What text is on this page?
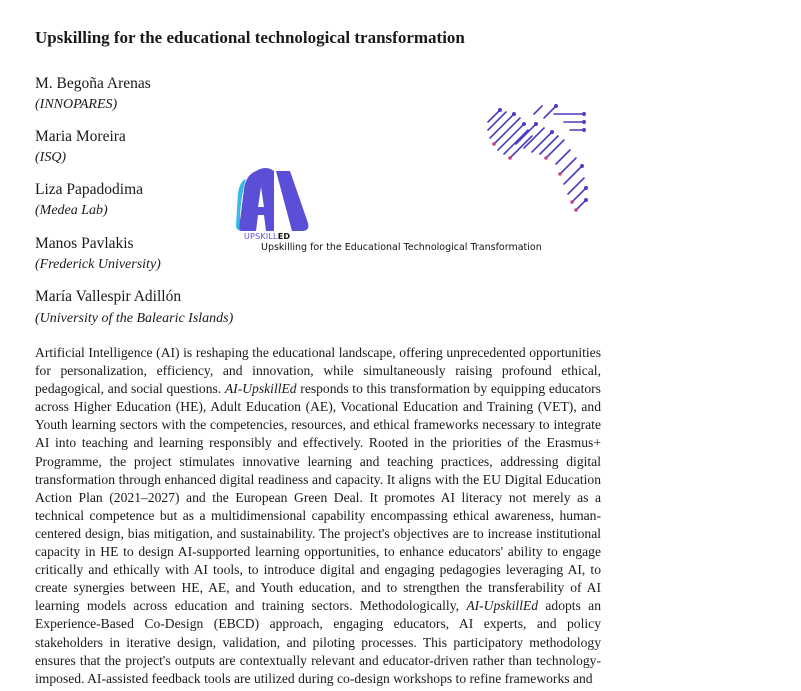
Upskilling for the educational technological transformation
M. Begoña Arenas
(INNOPARES)
Maria Moreira
(ISQ)
Liza Papadodima
(Medea Lab)
Manos Pavlakis
(Frederick University)
María Vallespir Adillón
(University of the Balearic Islands)
UPSKILLED
Upskilling for the Educational Technological Transformation

Artificial Intelligence (AI) is reshaping the educational landscape, offering unprecedented opportunities for personalization, efficiency, and innovation, while simultaneously raising profound ethical, pedagogical, and social questions. AI-UpskillEd responds to this transformation by equipping educators across Higher Education (HE), Adult Education (AE), Vocational Education and Training (VET), and Youth learning sectors with the competencies, resources, and ethical frameworks necessary to integrate AI into teaching and learning responsibly and effectively. Rooted in the priorities of the Erasmus+ Programme, the project stimulates innovative learning and teaching practices, addressing digital transformation through enhanced digital readiness and capacity. It aligns with the EU Digital Education Action Plan (2021–2027) and the European Green Deal. It promotes AI literacy not merely as a technical competence but as a multidimensional capability encompassing ethical awareness, human-centered design, bias mitigation, and sustainability. The project's objectives are to increase institutional capacity in HE to design AI-supported learning opportunities, to enhance educators' ability to engage critically and ethically with AI tools, to introduce digital and engaging pedagogies leveraging AI, to create synergies between HE, AE, and Youth education, and to strengthen the transferability of AI learning models across education and training sectors. Methodologically, AI-UpskillEd adopts an Experience-Based Co-Design (EBCD) approach, engaging educators, AI experts, and policy stakeholders in iterative design, validation, and piloting processes. This participatory methodology ensures that the project's outputs are contextually relevant and educator-driven rather than technology-imposed. AI-assisted feedback tools are utilized during co-design workshops to refine frameworks and
